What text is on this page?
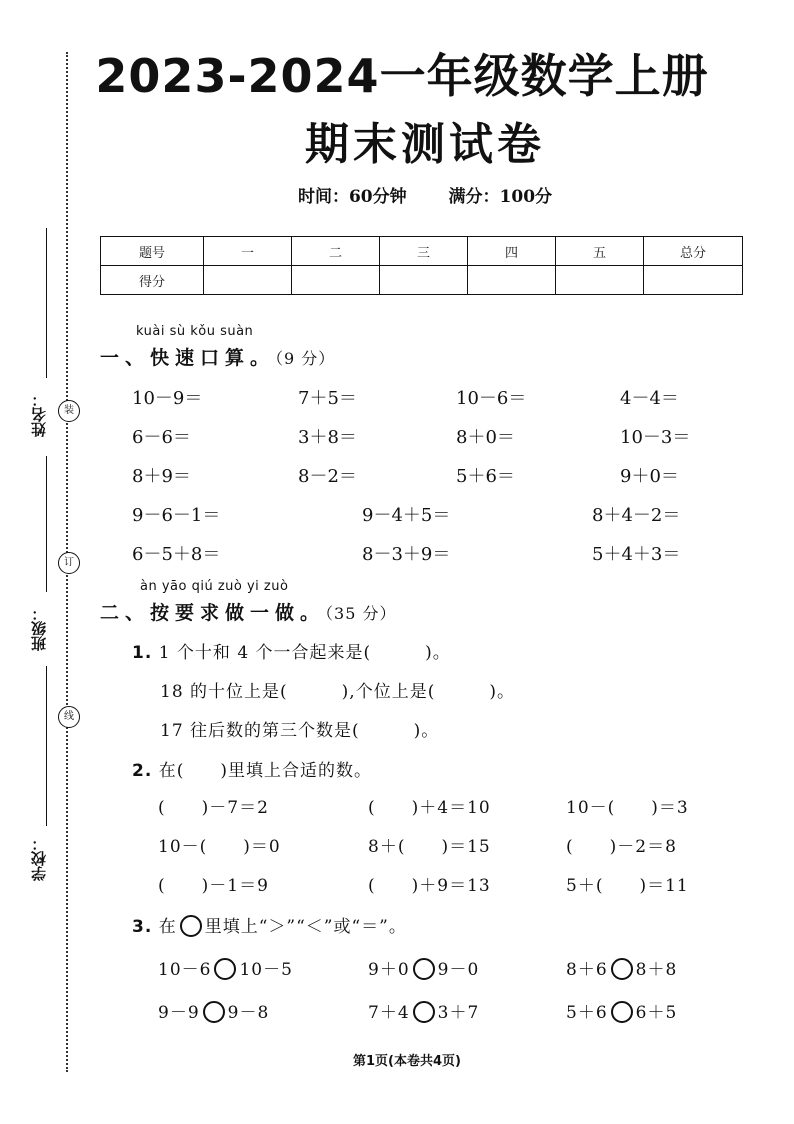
姓名：
班级：
学校：
装
订
线
2023-2024一年级数学上册
期末测试卷
时间：60分钟 满分：100分
题号	一	二	三	四	五	总分
得分						
kuài sù kǒu suàn
一、快速口算。（9 分）
10－9＝	7＋5＝	10－6＝	4－4＝
6－6＝	3＋8＝	8＋0＝	10－3＝
8＋9＝	8－2＝	5＋6＝	9＋0＝
9－6－1＝	9－4＋5＝	8＋4－2＝
6－5＋8＝	8－3＋9＝	5＋4＋3＝
àn yāo qiú zuò yi zuò
二、按要求做一做。（35 分）
1. 1 个十和 4 个一合起来是(　　　)。
18 的十位上是(　　　),个位上是(　　　)。
17 往后数的第三个数是(　　　)。
2. 在(　　)里填上合适的数。
(　　)－7＝2	(　　)＋4＝10	10－(　　)＝3
10－(　　)＝0	8＋(　　)＝15	(　　)－2＝8
(　　)－1＝9	(　　)＋9＝13	5＋(　　)＝11
3. 在 里填上“＞”“＜”或“＝”。
10－6 10－5	9＋0 9－0	8＋6 8＋8
9－9 9－8	7＋4 3＋7	5＋6 6＋5
第1页(本卷共4页)
